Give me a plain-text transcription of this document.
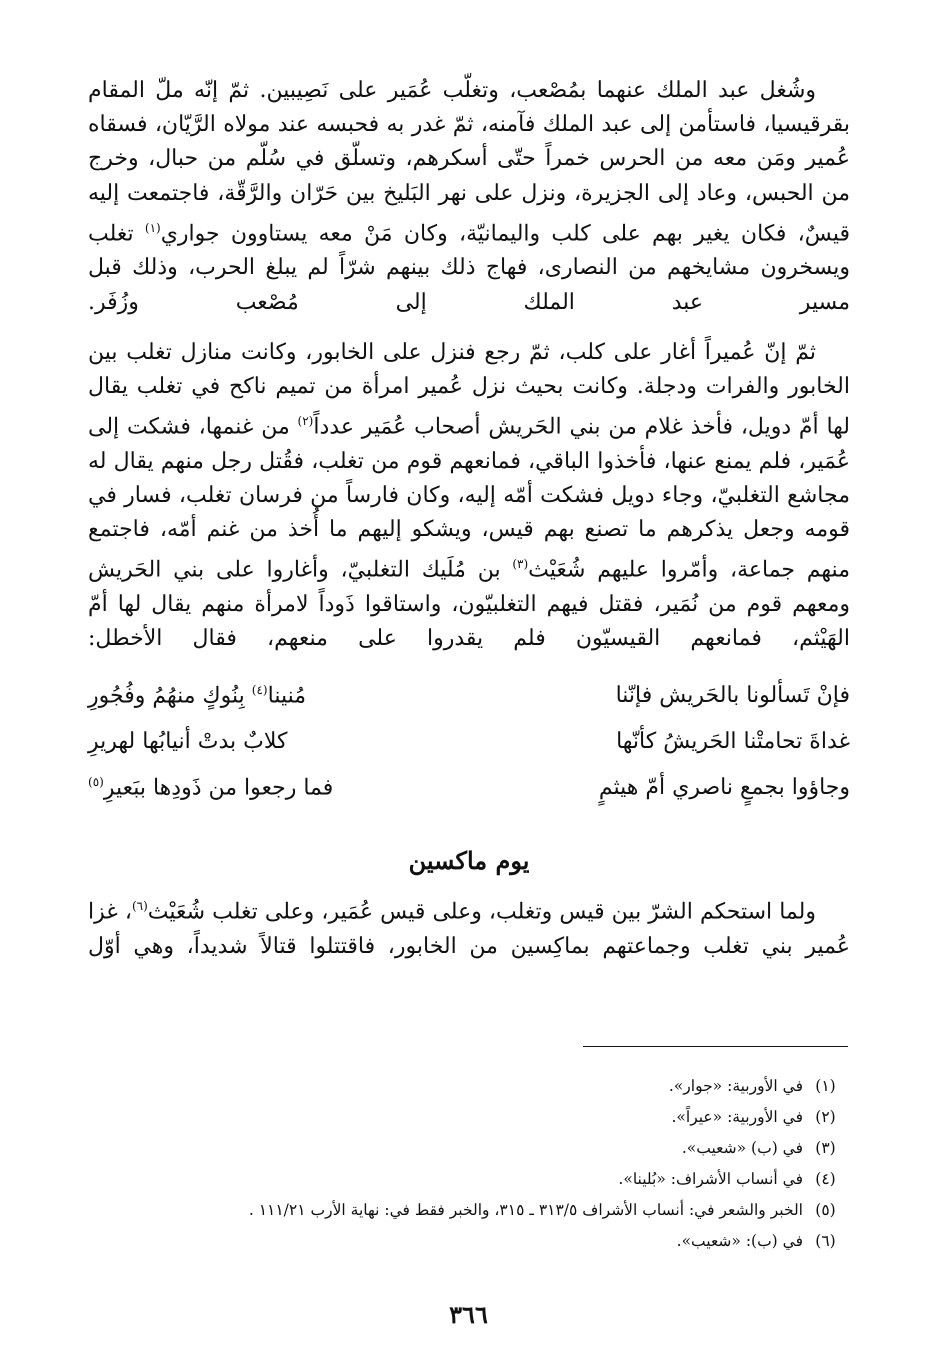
وشُغل عبد الملك عنهما بمُصْعب، وتغلّب عُمَير على نَصِيبين. ثمّ إنّه ملّ المقام بقرقيسيا، فاستأمن إلى عبد الملك فآمنه، ثمّ غدر به فحبسه عند مولاه الرَّيّان، فسقاه عُمير ومَن معه من الحرس خمراً حتّى أسكرهم، وتسلّق في سُلّم من حبال، وخرج من الحبس، وعاد إلى الجزيرة، ونزل على نهر البَليخ بين حَرّان والرَّقّة، فاجتمعت إليه قيسٌ، فكان يغير بهم على كلب واليمانيّة، وكان مَنْ معه يستاوون جواري$^{(١)}$ تغلب ويسخرون مشايخهم من النصارى، فهاج ذلك بينهم شرّاً لم يبلغ الحرب، وذلك قبل مسير عبد الملك إلى مُصْعب وزُفَر.

ثمّ إنّ عُميراً أغار على كلب، ثمّ رجع فنزل على الخابور، وكانت منازل تغلب بين الخابور والفرات ودجلة. وكانت بحيث نزل عُمير امرأة من تميم ناكح في تغلب يقال لها أمّ دويل، فأخذ غلام من بني الحَريش أصحاب عُمَير عدداً$^{(٢)}$ من غنمها، فشكت إلى عُمَير، فلم يمنع عنها، فأخذوا الباقي، فمانعهم قوم من تغلب، فقُتل رجل منهم يقال له مجاشع التغلبيّ، وجاء دويل فشكت أمّه إليه، وكان فارساً من فرسان تغلب، فسار في قومه وجعل يذكرهم ما تصنع بهم قيس، ويشكو إليهم ما أُخذ من غنم أمّه، فاجتمع منهم جماعة، وأمّروا عليهم شُعَيْث$^{(٣)}$ بن مُلَيك التغلبيّ، وأغاروا على بني الحَريش ومعهم قوم من نُمَير، فقتل فيهم التغلبيّون، واستاقوا ذَوداً لامرأة منهم يقال لها أمّ الهَيْثم، فمانعهم القيسيّون فلم يقدروا على منعهم، فقال الأخطل:

فإنْ تَسألونا بالحَريش فإنّنا
مُنينا$^{(٤)}$ بِنُوكٍ منهُمُ وفُجُورِ
غداةَ تحامتْنا الحَريشُ كأنّها
كلابٌ بدتْ أنيابُها لهريرِ
وجاؤوا بجمعٍ ناصري أمّ هيثمٍ
فما رجعوا من ذَودِها ببَعيرِ$^{(٥)}$
يوم ماكسين

ولما استحكم الشرّ بين قيس وتغلب، وعلى قيس عُمَير، وعلى تغلب شُعَيْث$^{(٦)}$، غزا عُمير بني تغلب وجماعتهم بماكِسين من الخابور، فاقتتلوا قتالاً شديداً، وهي أوّل

(١)
في الأوربية: «جوار».
(٢)
في الأوربية: «عيراً».
(٣)
في (ب) «شعيب».
(٤)
في أنساب الأشراف: «بُلينا».
(٥)
الخبر والشعر في: أنساب الأشراف ٣١٣/٥ ـ ٣١٥، والخبر فقط في: نهاية الأرب ١١١/٢١ .
(٦)
في (ب): «شعيب».
٣٦٦
